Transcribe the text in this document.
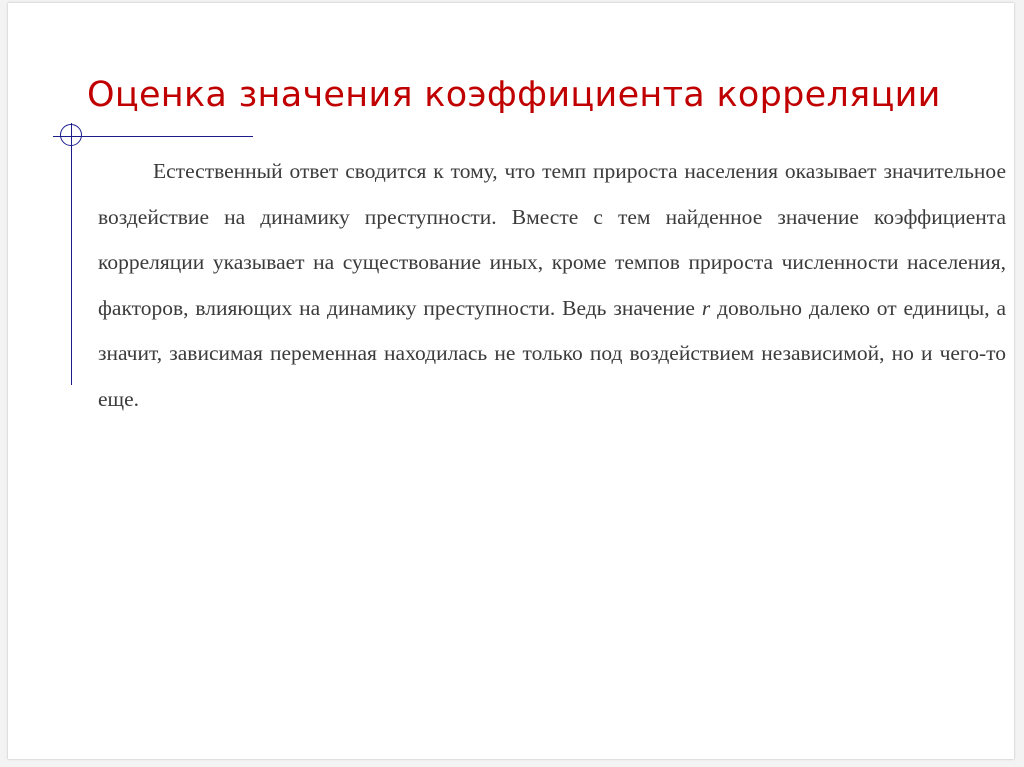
Оценка значения коэффициента корреляции

Естественный ответ сводится к тому, что темп прироста населения оказывает значительное воздействие на динамику преступности. Вместе с тем найденное значение коэффициента корреляции указывает на существование иных, кроме темпов прироста численности населения, факторов, влияющих на динамику преступности. Ведь значение r довольно далеко от единицы, а значит, зависимая переменная находилась не только под воздействием независимой, но и чего-то еще.
